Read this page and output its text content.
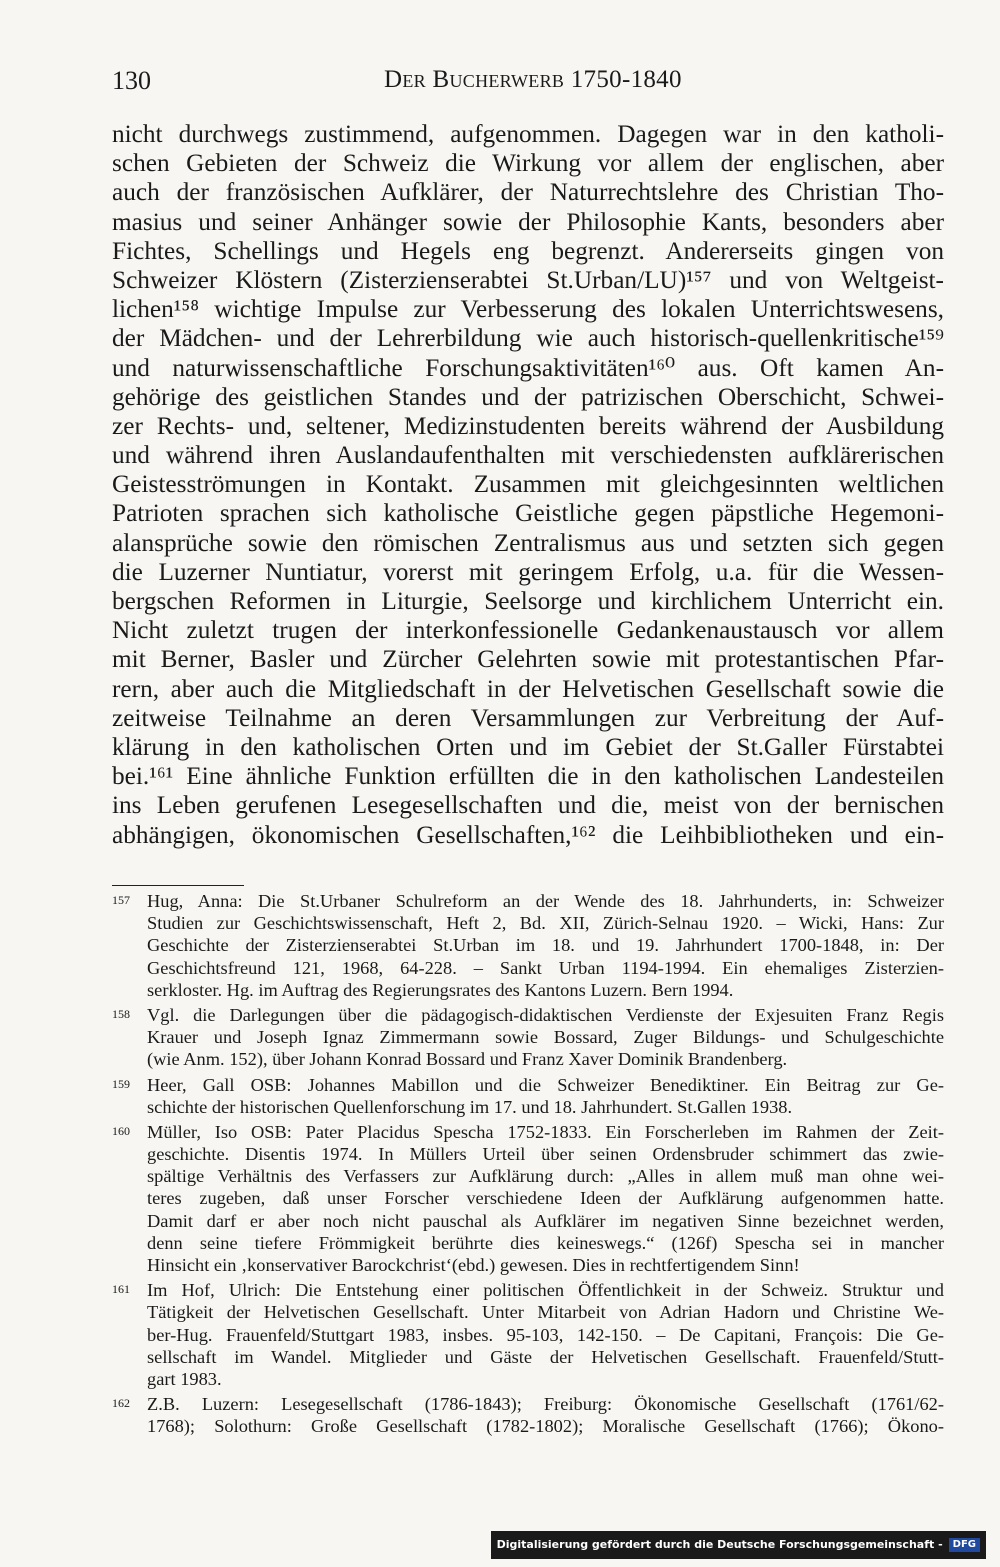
130	Der Bucherwerb 1750-1840
nicht durchwegs zustimmend, aufgenommen. Dagegen war in den katholi-
schen Gebieten der Schweiz die Wirkung vor allem der englischen, aber
auch der französischen Aufklärer, der Naturrechtslehre des Christian Tho-
masius und seiner Anhänger sowie der Philosophie Kants, besonders aber
Fichtes, Schellings und Hegels eng begrenzt. Andererseits gingen von
Schweizer Klöstern (Zisterzienserabtei St.Urban/LU)¹⁵⁷ und von Weltgeist-
lichen¹⁵⁸ wichtige Impulse zur Verbesserung des lokalen Unterrichtswesens,
der Mädchen- und der Lehrerbildung wie auch historisch-quellenkritische¹⁵⁹
und naturwissenschaftliche Forschungsaktivitäten¹⁶⁰ aus. Oft kamen An-
gehörige des geistlichen Standes und der patrizischen Oberschicht, Schwei-
zer Rechts- und, seltener, Medizinstudenten bereits während der Ausbildung
und während ihren Auslandaufenthalten mit verschiedensten aufklärerischen
Geistesströmungen in Kontakt. Zusammen mit gleichgesinnten weltlichen
Patrioten sprachen sich katholische Geistliche gegen päpstliche Hegemoni-
alansprüche sowie den römischen Zentralismus aus und setzten sich gegen
die Luzerner Nuntiatur, vorerst mit geringem Erfolg, u.a. für die Wessen-
bergschen Reformen in Liturgie, Seelsorge und kirchlichem Unterricht ein.
Nicht zuletzt trugen der interkonfessionelle Gedankenaustausch vor allem
mit Berner, Basler und Zürcher Gelehrten sowie mit protestantischen Pfar-
rern, aber auch die Mitgliedschaft in der Helvetischen Gesellschaft sowie die
zeitweise Teilnahme an deren Versammlungen zur Verbreitung der Auf-
klärung in den katholischen Orten und im Gebiet der St.Galler Fürstabtei
bei.¹⁶¹ Eine ähnliche Funktion erfüllten die in den katholischen Landesteilen
ins Leben gerufenen Lesegesellschaften und die, meist von der bernischen
abhängigen, ökonomischen Gesellschaften,¹⁶² die Leihbibliotheken und ein-
157 Hug, Anna: Die St.Urbaner Schulreform an der Wende des 18. Jahrhunderts, in: Schweizer
Studien zur Geschichtswissenschaft, Heft 2, Bd. XII, Zürich-Selnau 1920. – Wicki, Hans: Zur
Geschichte der Zisterzienserabtei St.Urban im 18. und 19. Jahrhundert 1700-1848, in: Der
Geschichtsfreund 121, 1968, 64-228. – Sankt Urban 1194-1994. Ein ehemaliges Zisterzien-
serkloster. Hg. im Auftrag des Regierungsrates des Kantons Luzern. Bern 1994.
158 Vgl. die Darlegungen über die pädagogisch-didaktischen Verdienste der Exjesuiten Franz Regis
Krauer und Joseph Ignaz Zimmermann sowie Bossard, Zuger Bildungs- und Schulgeschichte
(wie Anm. 152), über Johann Konrad Bossard und Franz Xaver Dominik Brandenberg.
159 Heer, Gall OSB: Johannes Mabillon und die Schweizer Benediktiner. Ein Beitrag zur Ge-
schichte der historischen Quellenforschung im 17. und 18. Jahrhundert. St.Gallen 1938.
160 Müller, Iso OSB: Pater Placidus Spescha 1752-1833. Ein Forscherleben im Rahmen der Zeit-
geschichte. Disentis 1974. In Müllers Urteil über seinen Ordensbruder schimmert das zwie-
spältige Verhältnis des Verfassers zur Aufklärung durch: „Alles in allem muß man ohne wei-
teres zugeben, daß unser Forscher verschiedene Ideen der Aufklärung aufgenommen hatte.
Damit darf er aber noch nicht pauschal als Aufklärer im negativen Sinne bezeichnet werden,
denn seine tiefere Frömmigkeit berührte dies keineswegs.“ (126f) Spescha sei in mancher
Hinsicht ein ‚konservativer Barockchrist‘(ebd.) gewesen. Dies in rechtfertigendem Sinn!
161 Im Hof, Ulrich: Die Entstehung einer politischen Öffentlichkeit in der Schweiz. Struktur und
Tätigkeit der Helvetischen Gesellschaft. Unter Mitarbeit von Adrian Hadorn und Christine We-
ber-Hug. Frauenfeld/Stuttgart 1983, insbes. 95-103, 142-150. – De Capitani, François: Die Ge-
sellschaft im Wandel. Mitglieder und Gäste der Helvetischen Gesellschaft. Frauenfeld/Stutt-
gart 1983.
162 Z.B. Luzern: Lesegesellschaft (1786-1843); Freiburg: Ökonomische Gesellschaft (1761/62-
1768); Solothurn: Große Gesellschaft (1782-1802); Moralische Gesellschaft (1766); Ökono-
Digitalisierung gefördert durch die Deutsche Forschungsgemeinschaft -	DFG
